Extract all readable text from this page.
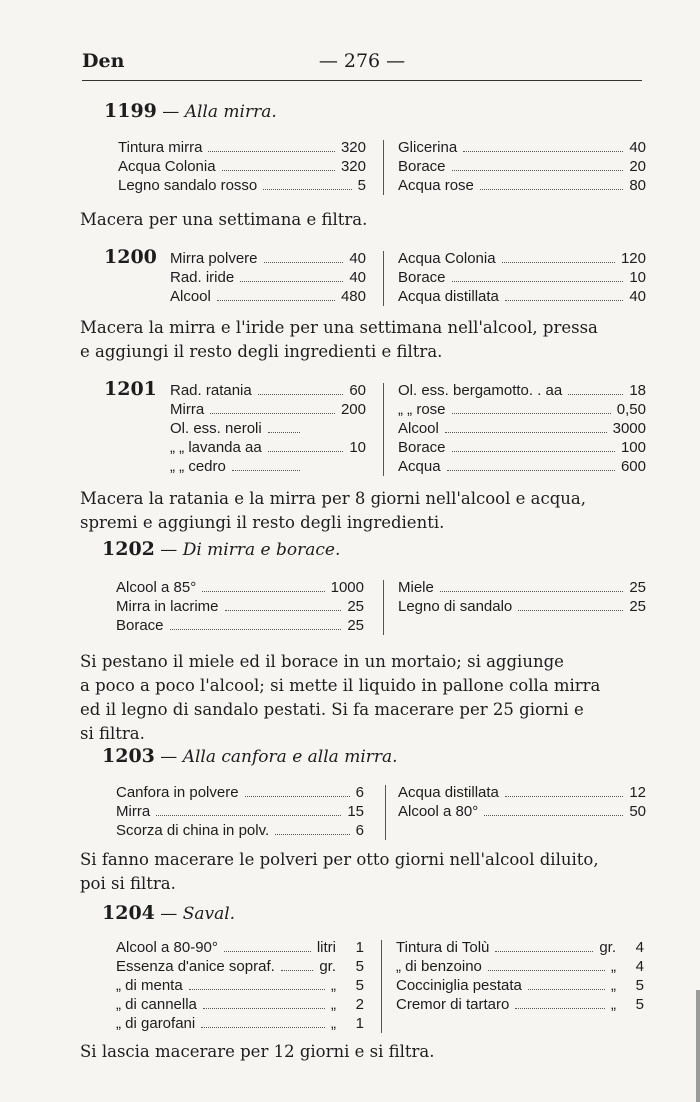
Den	— 276 —
1199 — Alla mirra.
Tintura mirra	320
Acqua Colonia	320
Legno sandalo rosso	5
Glicerina	40
Borace	20
Acqua rose	80
Macera per una settimana e filtra.
1200 Mirra polvere	40
Rad. iride	40
Alcool	480
Acqua Colonia	120
Borace	10
Acqua distillata	40
Macera la mirra e l'iride per una settimana nell'alcool, pressa
e aggiungi il resto degli ingredienti e filtra.
1201 Rad. ratania	60
Mirra	200
Ol. ess. neroli
„ „ lavanda aa	10
„ „ cedro
Ol. ess. bergamotto. . aa	18
„ „ rose	0,50
Alcool	3000
Borace	100
Acqua	600
Macera la ratania e la mirra per 8 giorni nell'alcool e acqua,
spremi e aggiungi il resto degli ingredienti.
1202 — Di mirra e borace.
Alcool a 85°	1000
Mirra in lacrime	25
Borace	25
Miele	25
Legno di sandalo	25
Si pestano il miele ed il borace in un mortaio; si aggiunge
a poco a poco l'alcool; si mette il liquido in pallone colla mirra
ed il legno di sandalo pestati. Si fa macerare per 25 giorni e
si filtra.
1203 — Alla canfora e alla mirra.
Canfora in polvere	6
Mirra	15
Scorza di china in polv.	6
Acqua distillata	12
Alcool a 80°	50
Si fanno macerare le polveri per otto giorni nell'alcool diluito,
poi si filtra.
1204 — Saval.
Alcool a 80-90°	litri 1
Essenza d'anice sopraf.	gr. 5
„ di menta	„ 5
„ di cannella	„ 2
„ di garofani	„ 1
Tintura di Tolù	gr. 4
„ di benzoino	„ 4
Cocciniglia pestata	„ 5
Cremor di tartaro	„ 5
Si lascia macerare per 12 giorni e si filtra.
